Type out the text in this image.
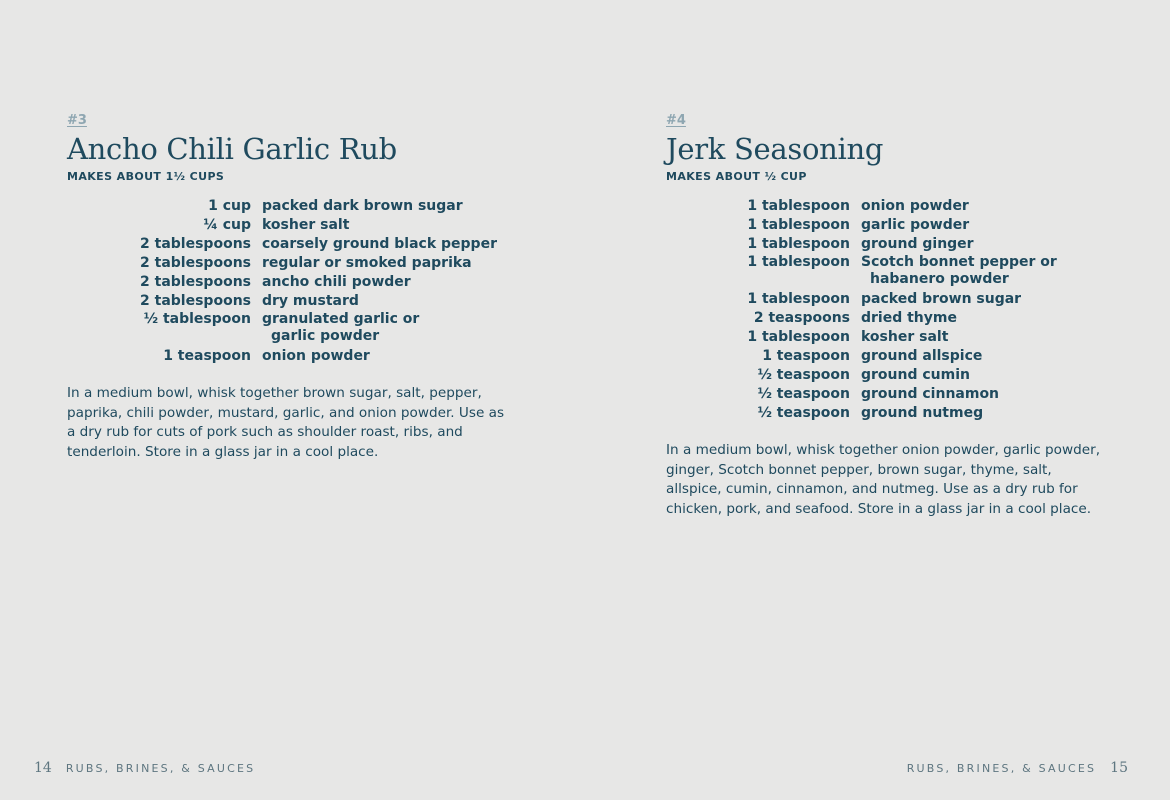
#3
Ancho Chili Garlic Rub
MAKES ABOUT 1½ CUPS
1 cup packed dark brown sugar
¼ cup kosher salt
2 tablespoons coarsely ground black pepper
2 tablespoons regular or smoked paprika
2 tablespoons ancho chili powder
2 tablespoons dry mustard
½ tablespoon granulated garlic or
garlic powder
1 teaspoon onion powder
In a medium bowl, whisk together brown sugar, salt, pepper, paprika, chili powder, mustard, garlic, and onion powder. Use as a dry rub for cuts of pork such as shoulder roast, ribs, and tenderloin. Store in a glass jar in a cool place.
14 RUBS, BRINES, & SAUCES
#4
Jerk Seasoning
MAKES ABOUT ½ CUP
1 tablespoon onion powder
1 tablespoon garlic powder
1 tablespoon ground ginger
1 tablespoon Scotch bonnet pepper or
habanero powder
1 tablespoon packed brown sugar
2 teaspoons dried thyme
1 tablespoon kosher salt
1 teaspoon ground allspice
½ teaspoon ground cumin
½ teaspoon ground cinnamon
½ teaspoon ground nutmeg
In a medium bowl, whisk together onion powder, garlic powder, ginger, Scotch bonnet pepper, brown sugar, thyme, salt, allspice, cumin, cinnamon, and nutmeg. Use as a dry rub for chicken, pork, and seafood. Store in a glass jar in a cool place.
RUBS, BRINES, & SAUCES 15
